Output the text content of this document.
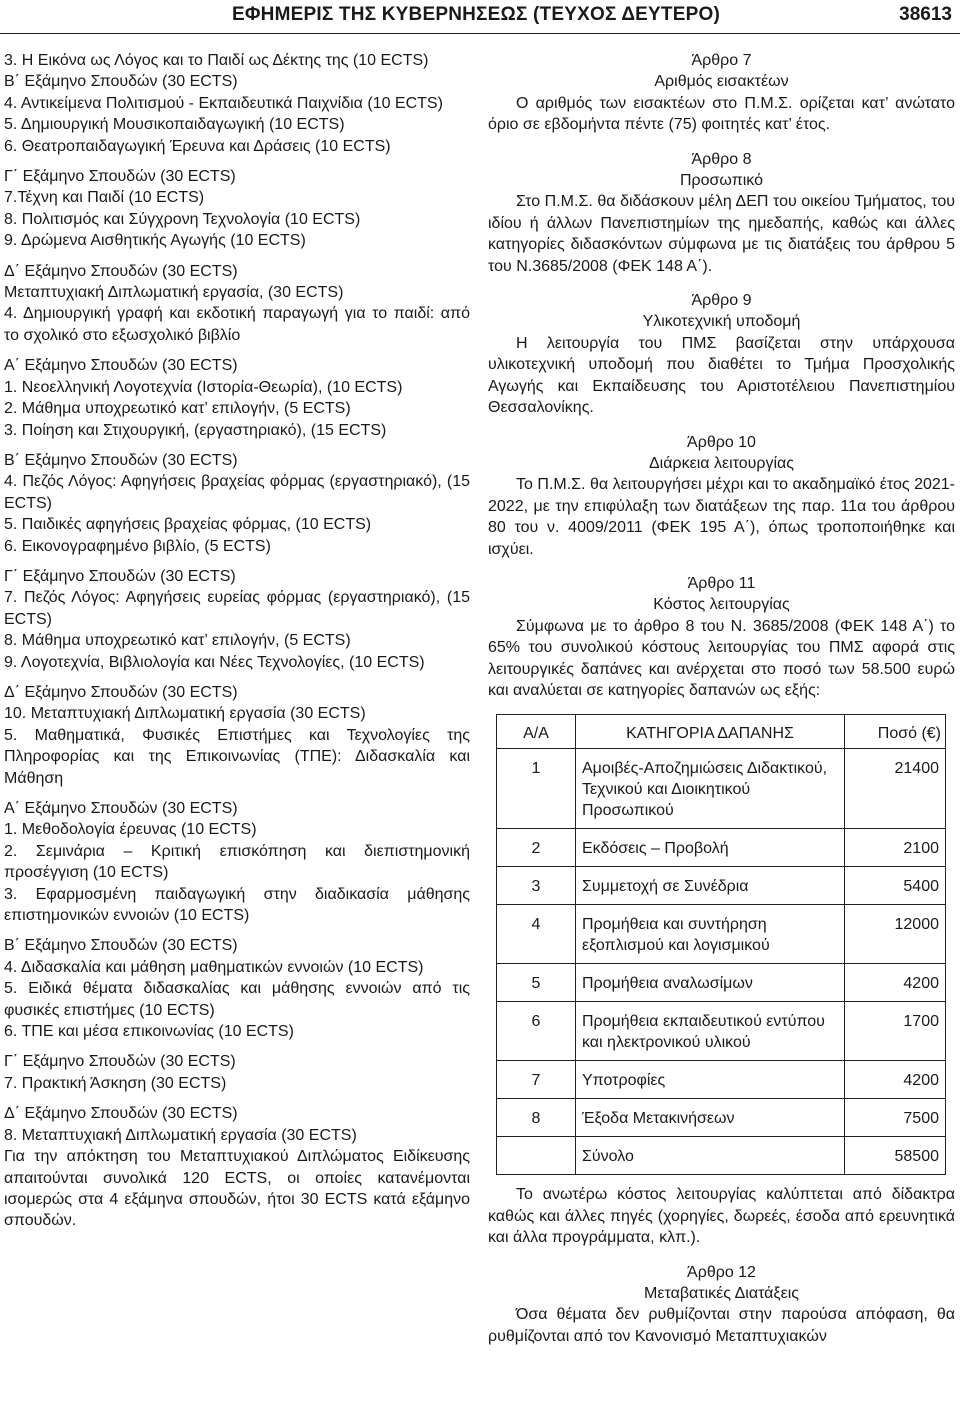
ΕΦΗΜΕΡΙΣ ΤΗΣ ΚΥΒΕΡΝΗΣΕΩΣ (ΤΕΥΧΟΣ ΔΕΥΤΕΡΟ)	38613

3. Η Εικόνα ως Λόγος και το Παιδί ως Δέκτης της (10 ECTS)

Β΄ Εξάμηνο Σπουδών (30 ECTS)

4. Αντικείμενα Πολιτισμού - Εκπαιδευτικά Παιχνίδια (10 ECTS)

5. Δημιουργική Μουσικοπαιδαγωγική (10 ECTS)

6. Θεατροπαιδαγωγική Έρευνα και Δράσεις (10 ECTS)

Γ΄ Εξάμηνο Σπουδών (30 ECTS)

7.Τέχνη και Παιδί (10 ECTS)

8. Πολιτισμός και Σύγχρονη Τεχνολογία (10 ECTS)

9. Δρώμενα Αισθητικής Αγωγής (10 ECTS)

Δ΄ Εξάμηνο Σπουδών (30 ECTS)

Μεταπτυχιακή Διπλωματική εργασία, (30 ECTS)

4. Δημιουργική γραφή και εκδοτική παραγωγή για το παιδί: από το σχολικό στο εξωσχολικό βιβλίο

Α΄ Εξάμηνο Σπουδών (30 ECTS)

1. Νεοελληνική Λογοτεχνία (Ιστορία-Θεωρία), (10 ECTS)

2. Μάθημα υποχρεωτικό κατ’ επιλογήν, (5 ECTS)

3. Ποίηση και Στιχουργική, (εργαστηριακό), (15 ECTS)

Β΄ Εξάμηνο Σπουδών (30 ECTS)

4. Πεζός Λόγος: Αφηγήσεις βραχείας φόρμας (εργαστηριακό), (15 ECTS)

5. Παιδικές αφηγήσεις βραχείας φόρμας, (10 ECTS)

6. Εικονογραφημένο βιβλίο, (5 ECTS)

Γ΄ Εξάμηνο Σπουδών (30 ECTS)

7. Πεζός Λόγος: Αφηγήσεις ευρείας φόρμας (εργαστηριακό), (15 ECTS)

8. Μάθημα υποχρεωτικό κατ’ επιλογήν, (5 ECTS)

9. Λογοτεχνία, Βιβλιολογία και Νέες Τεχνολογίες, (10 ECTS)

Δ΄ Εξάμηνο Σπουδών (30 ECTS)

10. Μεταπτυχιακή Διπλωματική εργασία (30 ECTS)

5. Μαθηματικά, Φυσικές Επιστήμες και Τεχνολογίες της Πληροφορίας και της Επικοινωνίας (ΤΠΕ): Διδασκαλία και Μάθηση

Α΄ Εξάμηνο Σπουδών (30 ECTS)

1. Μεθοδολογία έρευνας (10 ECTS)

2. Σεμινάρια – Κριτική επισκόπηση και διεπιστημονική προσέγγιση (10 ECTS)

3. Εφαρμοσμένη παιδαγωγική στην διαδικασία μάθησης επιστημονικών εννοιών (10 ECTS)

Β΄ Εξάμηνο Σπουδών (30 ECTS)

4. Διδασκαλία και μάθηση μαθηματικών εννοιών (10 ECTS)

5. Ειδικά θέματα διδασκαλίας και μάθησης εννοιών από τις φυσικές επιστήμες (10 ECTS)

6. ΤΠΕ και μέσα επικοινωνίας (10 ECTS)

Γ΄ Εξάμηνο Σπουδών (30 ECTS)

7. Πρακτική Άσκηση (30 ECTS)

Δ΄ Εξάμηνο Σπουδών (30 ECTS)

8. Μεταπτυχιακή Διπλωματική εργασία (30 ECTS)

Για την απόκτηση του Μεταπτυχιακού Διπλώματος Ειδίκευσης απαιτούνται συνολικά 120 ECTS, οι οποίες κατανέμονται ισομερώς στα 4 εξάμηνα σπουδών, ήτοι 30 ECTS κατά εξάμηνο σπουδών.

Άρθρο 7

Αριθμός εισακτέων

Ο αριθμός των εισακτέων στο Π.Μ.Σ. ορίζεται κατ’ ανώτατο όριο σε εβδομήντα πέντε (75) φοιτητές κατ’ έτος.

Άρθρο 8

Προσωπικό

Στο Π.Μ.Σ. θα διδάσκουν μέλη ΔΕΠ του οικείου Τμήματος, του ιδίου ή άλλων Πανεπιστημίων της ημεδαπής, καθώς και άλλες κατηγορίες διδασκόντων σύμφωνα με τις διατάξεις του άρθρου 5 του Ν.3685/2008 (ΦΕΚ 148 Α΄).

Άρθρο 9

Υλικοτεχνική υποδομή

Η λειτουργία του ΠΜΣ βασίζεται στην υπάρχουσα υλικοτεχνική υποδομή που διαθέτει το Τμήμα Προσχολικής Αγωγής και Εκπαίδευσης του Αριστοτέλειου Πανεπιστημίου Θεσσαλονίκης.

Άρθρο 10

Διάρκεια λειτουργίας

Το Π.Μ.Σ. θα λειτουργήσει μέχρι και το ακαδημαϊκό έτος 2021-2022, με την επιφύλαξη των διατάξεων της παρ. 11α του άρθρου 80 του ν. 4009/2011 (ΦΕΚ 195 Α΄), όπως τροποποιήθηκε και ισχύει.

Άρθρο 11

Κόστος λειτουργίας

Σύμφωνα με το άρθρο 8 του Ν. 3685/2008 (ΦΕΚ 148 Α΄) το 65% του συνολικού κόστους λειτουργίας του ΠΜΣ αφορά στις λειτουργικές δαπάνες και ανέρχεται στο ποσό των 58.500 ευρώ και αναλύεται σε κατηγορίες δαπανών ως εξής:

Α/Α	ΚΑΤΗΓΟΡΙΑ ΔΑΠΑΝΗΣ	Ποσό (€)
1	Αμοιβές-Αποζημιώσεις Διδακτικού, Τεχνικού και Διοικητικού Προσωπικού	21400
2	Εκδόσεις – Προβολή	2100
3	Συμμετοχή σε Συνέδρια	5400
4	Προμήθεια και συντήρηση εξοπλισμού και λογισμικού	12000
5	Προμήθεια αναλωσίμων	4200
6	Προμήθεια εκπαιδευτικού εντύπου και ηλεκτρονικού υλικού	1700
7	Υποτροφίες	4200
8	Έξοδα Μετακινήσεων	7500
	Σύνολο	58500

Το ανωτέρω κόστος λειτουργίας καλύπτεται από δίδακτρα καθώς και άλλες πηγές (χορηγίες, δωρεές, έσοδα από ερευνητικά και άλλα προγράμματα, κλπ.).

Άρθρο 12

Μεταβατικές Διατάξεις

Όσα θέματα δεν ρυθμίζονται στην παρούσα απόφαση, θα ρυθμίζονται από τον Κανονισμό Μεταπτυχιακών
